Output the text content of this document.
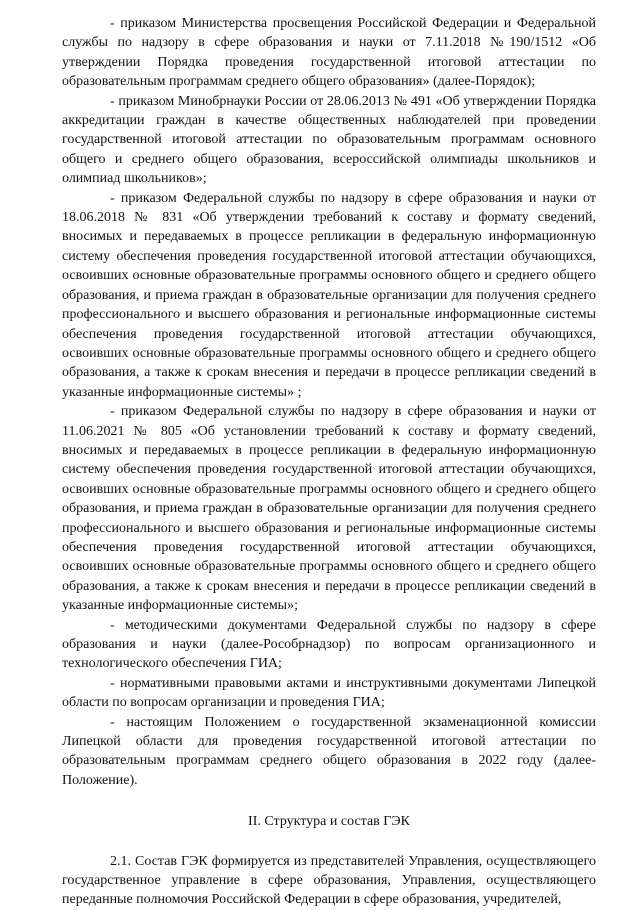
- приказом Министерства просвещения Российской Федерации и Федеральной службы по надзору в сфере образования и науки от 7.11.2018 №190/1512 «Об утверждении Порядка проведения государственной итоговой аттестации по образовательным программам среднего общего образования» (далее-Порядок);

- приказом Минобрнауки России от 28.06.2013 № 491 «Об утверждении Порядка аккредитации граждан в качестве общественных наблюдателей при проведении государственной итоговой аттестации по образовательным программам основного общего и среднего общего образования, всероссийской олимпиады школьников и олимпиад школьников»;

- приказом Федеральной службы по надзору в сфере образования и науки от 18.06.2018 № 831 «Об утверждении требований к составу и формату сведений, вносимых и передаваемых в процессе репликации в федеральную информационную систему обеспечения проведения государственной итоговой аттестации обучающихся, освоивших основные образовательные программы основного общего и среднего общего образования, и приема граждан в образовательные организации для получения среднего профессионального и высшего образования и региональные информационные системы обеспечения проведения государственной итоговой аттестации обучающихся, освоивших основные образовательные программы основного общего и среднего общего образования, а также к срокам внесения и передачи в процессе репликации сведений в указанные информационные системы» ;

- приказом Федеральной службы по надзору в сфере образования и науки от 11.06.2021 № 805 «Об установлении требований к составу и формату сведений, вносимых и передаваемых в процессе репликации в федеральную информационную систему обеспечения проведения государственной итоговой аттестации обучающихся, освоивших основные образовательные программы основного общего и среднего общего образования, и приема граждан в образовательные организации для получения среднего профессионального и высшего образования и региональные информационные системы обеспечения проведения государственной итоговой аттестации обучающихся, освоивших основные образовательные программы основного общего и среднего общего образования, а также к срокам внесения и передачи в процессе репликации сведений в указанные информационные системы»;

- методическими документами Федеральной службы по надзору в сфере образования и науки (далее-Рособрнадзор) по вопросам организационного и технологического обеспечения ГИА;

- нормативными правовыми актами и инструктивными документами Липецкой области по вопросам организации и проведения ГИА;

- настоящим Положением о государственной экзаменационной комиссии Липецкой области для проведения государственной итоговой аттестации по образовательным программам среднего общего образования в 2022 году (далее-Положение).

II. Структура и состав ГЭК

2.1. Состав ГЭК формируется из представителей Управления, осуществляющего государственное управление в сфере образования, Управления, осуществляющего переданные полномочия Российской Федерации в сфере образования, учредителей,
